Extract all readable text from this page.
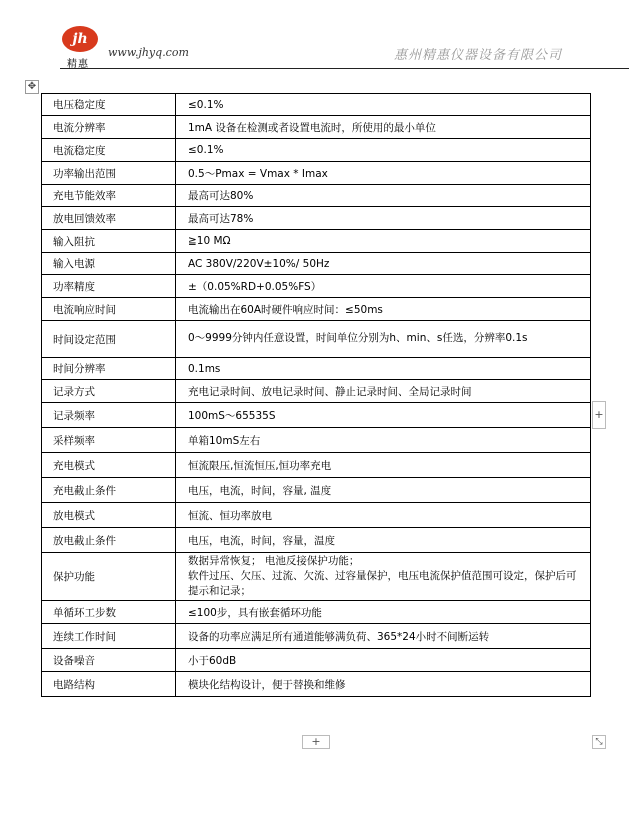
jh
精惠
www.jhyq.com	惠州精惠仪器设备有限公司
✥
电压稳定度	≤0.1%
电流分辨率	1mA 设备在检测或者设置电流时，所使用的最小单位
电流稳定度	≤0.1%
功率输出范围	0.5～Pmax = Vmax * Imax
充电节能效率	最高可达80%
放电回馈效率	最高可达78%
输入阻抗	≧10 MΩ
输入电源	AC 380V/220V±10%/ 50Hz
功率精度	±（0.05%RD+0.05%FS）
电流响应时间	电流输出在60A时硬件响应时间：≤50ms
时间设定范围	0～9999分钟内任意设置，时间单位分别为h、min、s任选，分辨率0.1s
时间分辨率	0.1ms
记录方式	充电记录时间、放电记录时间、静止记录时间、全局记录时间
记录频率	100mS～65535S
采样频率	单箱10mS左右
充电模式	恒流限压,恒流恒压,恒功率充电
充电截止条件	电压，电流，时间，容量, 温度
放电模式	恒流、恒功率放电
放电截止条件	电压，电流，时间，容量，温度
保护功能	数据异常恢复； 电池反接保护功能；
软件过压、欠压、过流、欠流、过容量保护，电压电流保护值范围可设定，保护后可提示和记录；
单循环工步数	≤100步，具有嵌套循环功能
连续工作时间	设备的功率应满足所有通道能够满负荷、365*24小时不间断运转
设备噪音	小于60dB
电路结构	模块化结构设计，便于替换和维修
+
+	⤡
